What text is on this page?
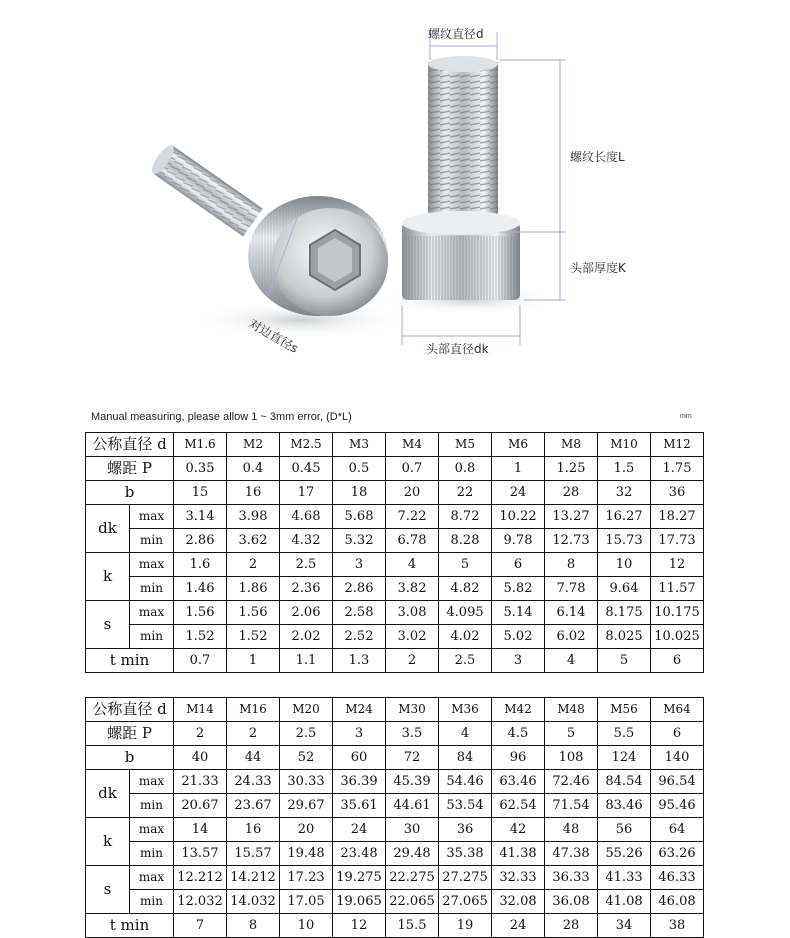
螺纹直径d
螺纹长度L
头部厚度K
头部直径dk
对边直径s
Manual measuring, please allow 1 ~ 3mm error, (D*L)	mm
公称直径 d		M1.6	M2	M2.5	M3	M4	M5	M6	M8	M10	M12
螺距 P		0.35	0.4	0.45	0.5	0.7	0.8	1	1.25	1.5	1.75
b		15	16	17	18	20	22	24	28	32	36
dk	max	3.14	3.98	4.68	5.68	7.22	8.72	10.22	13.27	16.27	18.27
	min	2.86	3.62	4.32	5.32	6.78	8.28	9.78	12.73	15.73	17.73
k	max	1.6	2	2.5	3	4	5	6	8	10	12
	min	1.46	1.86	2.36	2.86	3.82	4.82	5.82	7.78	9.64	11.57
s	max	1.56	1.56	2.06	2.58	3.08	4.095	5.14	6.14	8.175	10.175
	min	1.52	1.52	2.02	2.52	3.02	4.02	5.02	6.02	8.025	10.025
t min		0.7	1	1.1	1.3	2	2.5	3	4	5	6
公称直径 d		M14	M16	M20	M24	M30	M36	M42	M48	M56	M64
螺距 P		2	2	2.5	3	3.5	4	4.5	5	5.5	6
b		40	44	52	60	72	84	96	108	124	140
dk	max	21.33	24.33	30.33	36.39	45.39	54.46	63.46	72.46	84.54	96.54
	min	20.67	23.67	29.67	35.61	44.61	53.54	62.54	71.54	83.46	95.46
k	max	14	16	20	24	30	36	42	48	56	64
	min	13.57	15.57	19.48	23.48	29.48	35.38	41.38	47.38	55.26	63.26
s	max	12.212	14.212	17.23	19.275	22.275	27.275	32.33	36.33	41.33	46.33
	min	12.032	14.032	17.05	19.065	22.065	27.065	32.08	36.08	41.08	46.08
t min		7	8	10	12	15.5	19	24	28	34	38
